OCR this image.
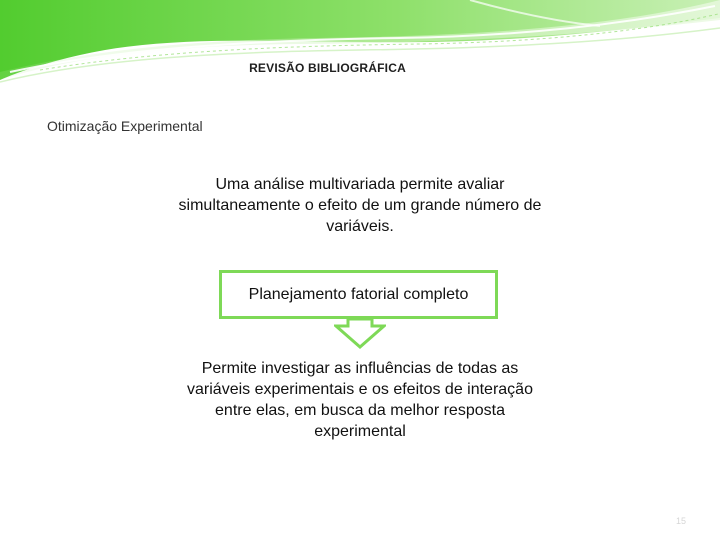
REVISÃO BIBLIOGRÁFICA
Otimização Experimental
Uma análise multivariada permite avaliar simultaneamente o efeito de um grande número de variáveis.
Planejamento fatorial completo
Permite investigar as influências de todas as variáveis experimentais e os efeitos de interação entre elas, em busca da melhor resposta experimental
15
